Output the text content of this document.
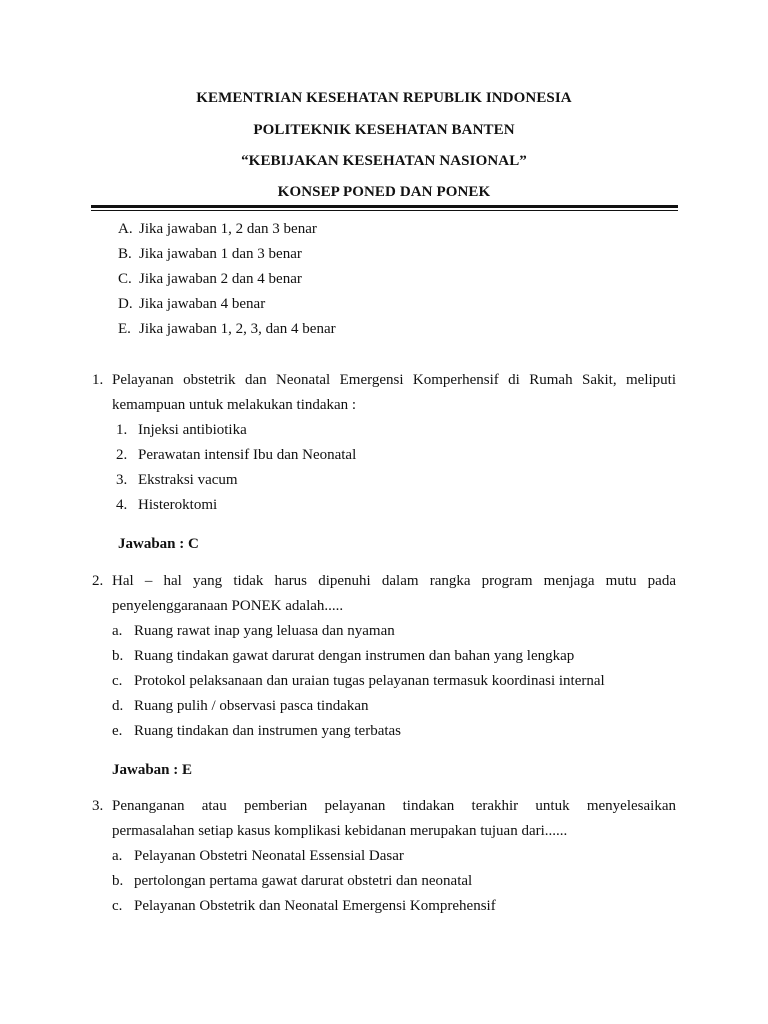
KEMENTRIAN KESEHATAN REPUBLIK INDONESIA
POLITEKNIK KESEHATAN BANTEN
“KEBIJAKAN KESEHATAN NASIONAL”
KONSEP PONED DAN PONEK
A. Jika jawaban 1, 2 dan 3 benar
B. Jika jawaban 1 dan 3 benar
C. Jika jawaban 2 dan 4 benar
D. Jika jawaban 4 benar
E. Jika jawaban 1, 2, 3, dan 4 benar
1. Pelayanan obstetrik dan Neonatal Emergensi Komperhensif di Rumah Sakit, meliputi
kemampuan untuk melakukan tindakan :
1. Injeksi antibiotika
2. Perawatan intensif Ibu dan Neonatal
3. Ekstraksi vacum
4. Histeroktomi
Jawaban : C
2. Hal – hal yang tidak harus dipenuhi dalam rangka program menjaga mutu pada
penyelenggaranaan PONEK adalah.....
a. Ruang rawat inap yang leluasa dan nyaman
b. Ruang tindakan gawat darurat dengan instrumen dan bahan yang lengkap
c. Protokol pelaksanaan dan uraian tugas pelayanan termasuk koordinasi internal
d. Ruang pulih / observasi pasca tindakan
e. Ruang tindakan dan instrumen yang terbatas
Jawaban : E
3. Penanganan atau pemberian pelayanan tindakan terakhir untuk menyelesaikan
permasalahan setiap kasus komplikasi kebidanan merupakan tujuan dari......
a. Pelayanan Obstetri Neonatal Essensial Dasar
b. pertolongan pertama gawat darurat obstetri dan neonatal
c. Pelayanan Obstetrik dan Neonatal Emergensi Komprehensif
